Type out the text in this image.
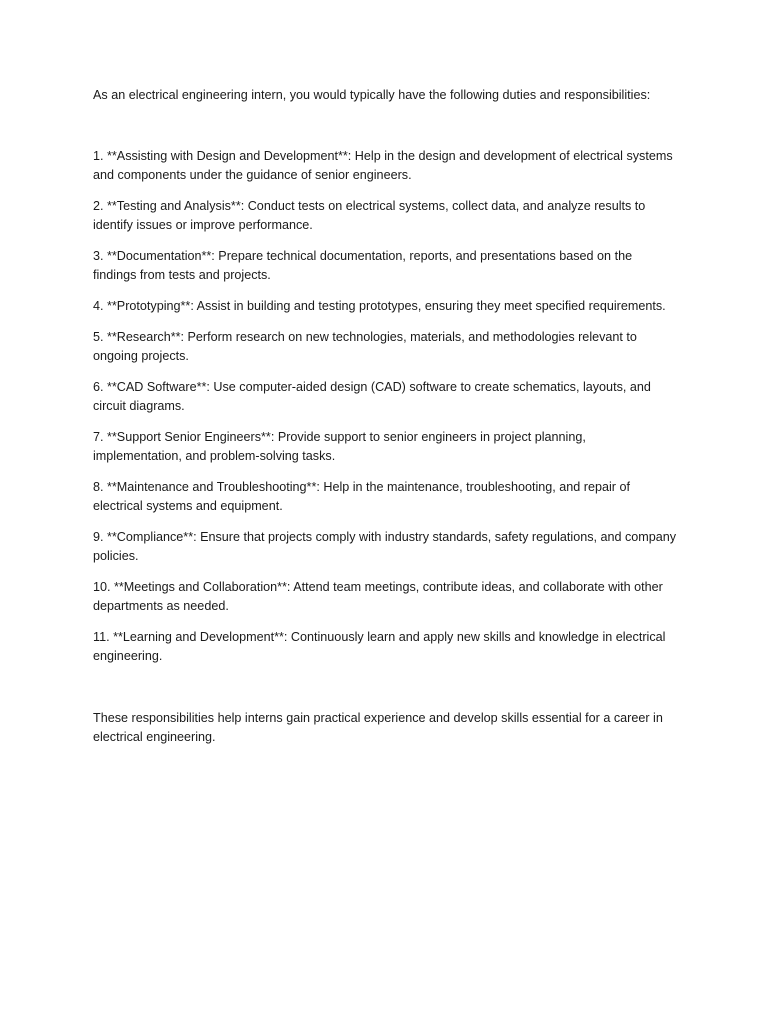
As an electrical engineering intern, you would typically have the following duties and responsibilities:

1. **Assisting with Design and Development**: Help in the design and development of electrical systems and components under the guidance of senior engineers.
2. **Testing and Analysis**: Conduct tests on electrical systems, collect data, and analyze results to identify issues or improve performance.
3. **Documentation**: Prepare technical documentation, reports, and presentations based on the findings from tests and projects.
4. **Prototyping**: Assist in building and testing prototypes, ensuring they meet specified requirements.
5. **Research**: Perform research on new technologies, materials, and methodologies relevant to ongoing projects.
6. **CAD Software**: Use computer-aided design (CAD) software to create schematics, layouts, and circuit diagrams.
7. **Support Senior Engineers**: Provide support to senior engineers in project planning, implementation, and problem-solving tasks.
8. **Maintenance and Troubleshooting**: Help in the maintenance, troubleshooting, and repair of electrical systems and equipment.
9. **Compliance**: Ensure that projects comply with industry standards, safety regulations, and company policies.
10. **Meetings and Collaboration**: Attend team meetings, contribute ideas, and collaborate with other departments as needed.
11. **Learning and Development**: Continuously learn and apply new skills and knowledge in electrical engineering.

These responsibilities help interns gain practical experience and develop skills essential for a career in electrical engineering.
